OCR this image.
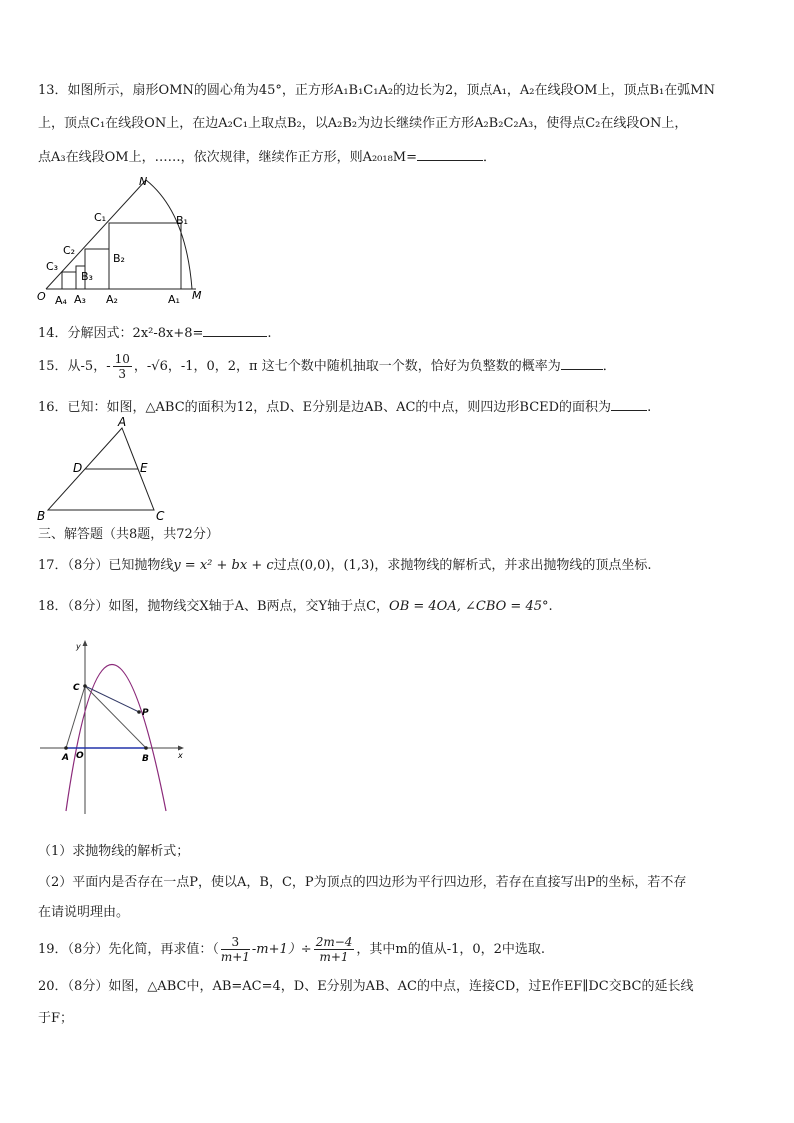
13．如图所示，扇形OMN的圆心角为45°，正方形A₁B₁C₁A₂的边长为2，顶点A₁，A₂在线段OM上，顶点B₁在弧MN
上，顶点C₁在线段ON上，在边A₂C₁上取点B₂，以A₂B₂为边长继续作正方形A₂B₂C₂A₃，使得点C₂在线段ON上，
点A₃在线段OM上，……，依次规律，继续作正方形，则A₂₀₁₈M=	．
N
C₁	B₁
C₂
B₂
C₃
B₃
O A₄ A₃ A₂	A₁ M
14．分解因式：2x²-8x+8=	.
15．从-5，- $\frac{10}{3}$ ，-√6，-1，0，2，π 这七个数中随机抽取一个数，恰好为负整数的概率为	．
16．已知：如图，△ABC的面积为12，点D、E分别是边AB、AC的中点，则四边形BCED的面积为	.
A
D	E
B	C
三、解答题（共8题，共72分）
17．（8分）已知抛物线y = x² + bx + c过点(0,0)，(1,3)，求抛物线的解析式，并求出抛物线的顶点坐标.
18．（8分）如图，抛物线交X轴于A、B两点，交Y轴于点C，OB = 4OA, ∠CBO = 45°.
y
x
C
P
A O	B
（1）求抛物线的解析式；
（2）平面内是否存在一点P，使以A，B，C，P为顶点的四边形为平行四边形，若存在直接写出P的坐标，若不存
在请说明理由。
19．（8分）先化简，再求值：（ $\frac{3}{m+1} -m+1)\div \frac{2m-4}{m+1}$ ，其中m的值从-1，0，2中选取.
20．（8分）如图，△ABC中，AB=AC=4，D、E分别为AB、AC的中点，连接CD，过E作EF∥DC交BC的延长线
于F；
